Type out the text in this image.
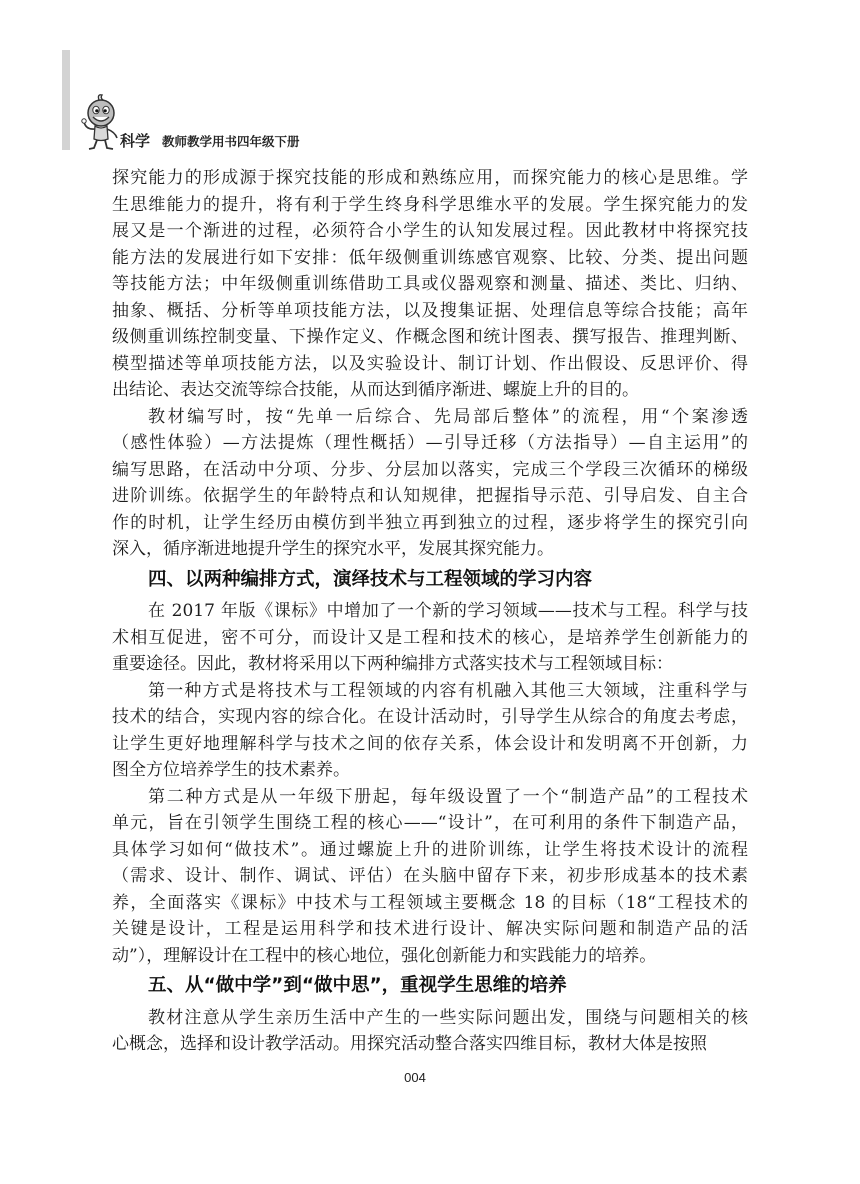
科学 教师教学用书四年级下册
探究能力的形成源于探究技能的形成和熟练应用，而探究能力的核心是思维。学
生思维能力的提升，将有利于学生终身科学思维水平的发展。学生探究能力的发
展又是一个渐进的过程，必须符合小学生的认知发展过程。因此教材中将探究技
能方法的发展进行如下安排：低年级侧重训练感官观察、比较、分类、提出问题
等技能方法；中年级侧重训练借助工具或仪器观察和测量、描述、类比、归纳、
抽象、概括、分析等单项技能方法，以及搜集证据、处理信息等综合技能；高年
级侧重训练控制变量、下操作定义、作概念图和统计图表、撰写报告、推理判断、
模型描述等单项技能方法，以及实验设计、制订计划、作出假设、反思评价、得
出结论、表达交流等综合技能，从而达到循序渐进、螺旋上升的目的。
教材编写时，按“先单一后综合、先局部后整体”的流程，用“个案渗透
（感性体验）—方法提炼（理性概括）—引导迁移（方法指导）—自主运用”的
编写思路，在活动中分项、分步、分层加以落实，完成三个学段三次循环的梯级
进阶训练。依据学生的年龄特点和认知规律，把握指导示范、引导启发、自主合
作的时机，让学生经历由模仿到半独立再到独立的过程，逐步将学生的探究引向
深入，循序渐进地提升学生的探究水平，发展其探究能力。
四、以两种编排方式，演绎技术与工程领域的学习内容
在 2017 年版《课标》中增加了一个新的学习领域——技术与工程。科学与技
术相互促进，密不可分，而设计又是工程和技术的核心，是培养学生创新能力的
重要途径。因此，教材将采用以下两种编排方式落实技术与工程领域目标：
第一种方式是将技术与工程领域的内容有机融入其他三大领域，注重科学与
技术的结合，实现内容的综合化。在设计活动时，引导学生从综合的角度去考虑，
让学生更好地理解科学与技术之间的依存关系，体会设计和发明离不开创新，力
图全方位培养学生的技术素养。
第二种方式是从一年级下册起，每年级设置了一个“制造产品”的工程技术
单元，旨在引领学生围绕工程的核心——“设计”，在可利用的条件下制造产品，
具体学习如何“做技术”。通过螺旋上升的进阶训练，让学生将技术设计的流程
（需求、设计、制作、调试、评估）在头脑中留存下来，初步形成基本的技术素
养，全面落实《课标》中技术与工程领域主要概念 18 的目标（18“工程技术的
关键是设计，工程是运用科学和技术进行设计、解决实际问题和制造产品的活
动”），理解设计在工程中的核心地位，强化创新能力和实践能力的培养。
五、从“做中学”到“做中思”，重视学生思维的培养
教材注意从学生亲历生活中产生的一些实际问题出发，围绕与问题相关的核
心概念，选择和设计教学活动。用探究活动整合落实四维目标，教材大体是按照
004
